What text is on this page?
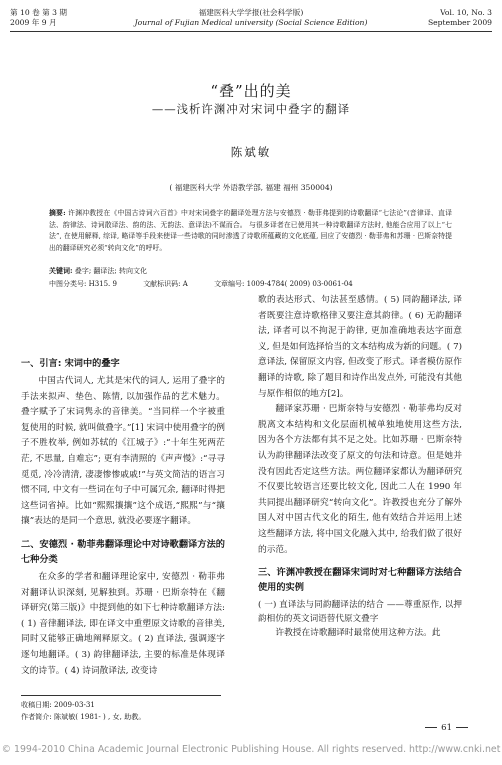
第 10 卷 第 3 期
2009 年 9 月
福建医科大学学报(社会科学版)
Journal of Fujian Medical university (Social Science Edition)
Vol. 10, No. 3
September 2009
“叠”出的美
——浅析许渊冲对宋词中叠字的翻译
陈斌敏
( 福建医科大学 外语教学部, 福建 福州 350004)
摘要: 许渊冲教授在《中国古诗词六百首》中对宋词叠字的翻译处理方法与安德烈 · 勒菲弗提到的诗歌翻译“七法论”(音律译、直译法、韵律法、诗词散译法、韵的法、无韵法、意译法)不谋而合。 与很多译者在已使用其一种诗歌翻译方法时, 他能合应用了以上“七法”, 在使用解释, 综译, 略译等手段来使译一些诗歌的同时渗透了诗歌所蕴藏的文化底蕴, 回应了安德烈 · 勒菲弗和苏珊 · 巴斯奈特提出的翻译研究必须“转向文化”的呼吁。
关键词: 叠字; 翻译法; 转向文化
中图分类号: H315. 9	文献标识码: A	文章编号: 1009-4784( 2009) 03-0061-04
一、引言: 宋词中的叠字

中国古代词人, 尤其是宋代的词人, 运用了叠字的手法来拟声、垫色、陈情, 以加强作品的艺术魅力。叠字赋予了宋词隽永的音律美。“当同样一个字被重复使用的时候, 就叫做叠字。”[1] 宋词中使用叠字的例子不胜枚举, 例如苏轼的《江城子》:“十年生死两茫茫, 不思量, 自难忘”; 更有李清照的《声声慢》:“寻寻觅觅, 冷冷清清, 凄凄惨惨戚戚!”与英文简洁的语言习惯不同, 中文有一些词在句子中可属冗余, 翻译时得把这些词省掉。比如“熙熙攘攘”这个成语,“熙熙”与“攘攘”表达的是同一个意思, 就没必要逐字翻译。

二、安德烈 · 勒菲弗翻译理论中对诗歌翻译方法的七种分类

在众多的学者和翻译理论家中, 安德烈 · 勒菲弗对翻译认识深刻, 见解独到。苏珊 · 巴斯奈特在《翻译研究(第三版)》中提到他的如下七种诗歌翻译方法: ( 1) 音律翻译法, 即在译文中重塑原文诗歌的音律美, 同时又能够正确地阐释原文。( 2) 直译法, 强调逐字逐句地翻译。( 3) 韵律翻译法, 主要的标准是体现译文的诗节。( 4) 诗词散译法, 改变诗

歌的表达形式、句法甚至感情。( 5) 同韵翻译法, 译者既要注意诗歌格律又要注意其韵律。( 6) 无韵翻译法, 译者可以不拘泥于韵律, 更加准确地表达字面意义, 但是如何选择恰当的文本结构成为新的问题。( 7) 意译法, 保留原文内容, 但改变了形式。译者模仿原作翻译的诗歌, 除了题目和诗作出发点外, 可能没有其他与原作相似的地方[2]。

翻译家苏珊 · 巴斯奈特与安德烈 · 勒菲弗均反对脱离文本结构和文化层面机械单独地使用这些方法, 因为各个方法都有其不足之处。比如苏珊 · 巴斯奈特认为韵律翻译法改变了原文的句法和诗意。但是她并没有因此否定这些方法。两位翻译家都认为翻译研究不仅要比较语言还要比较文化, 因此二人在 1990 年共同提出翻译研究“转向文化”。许教授也充分了解外国人对中国古代文化的陌生, 他有效结合并运用上述这些翻译方法, 将中国文化融入其中, 给我们做了很好的示范。

三、许渊冲教授在翻译宋词时对七种翻译方法结合使用的实例
( 一) 直译法与同韵翻译法的结合 ——尊重原作, 以押韵相仿的英文词语替代原文叠字

许教授在诗歌翻译时最常使用这种方法。此

收稿日期: 2009-03-31
作者简介: 陈斌敏( 1981- ) , 女, 助教。
61
© 1994-2010 China Academic Journal Electronic Publishing House. All rights reserved. http://www.cnki.net
